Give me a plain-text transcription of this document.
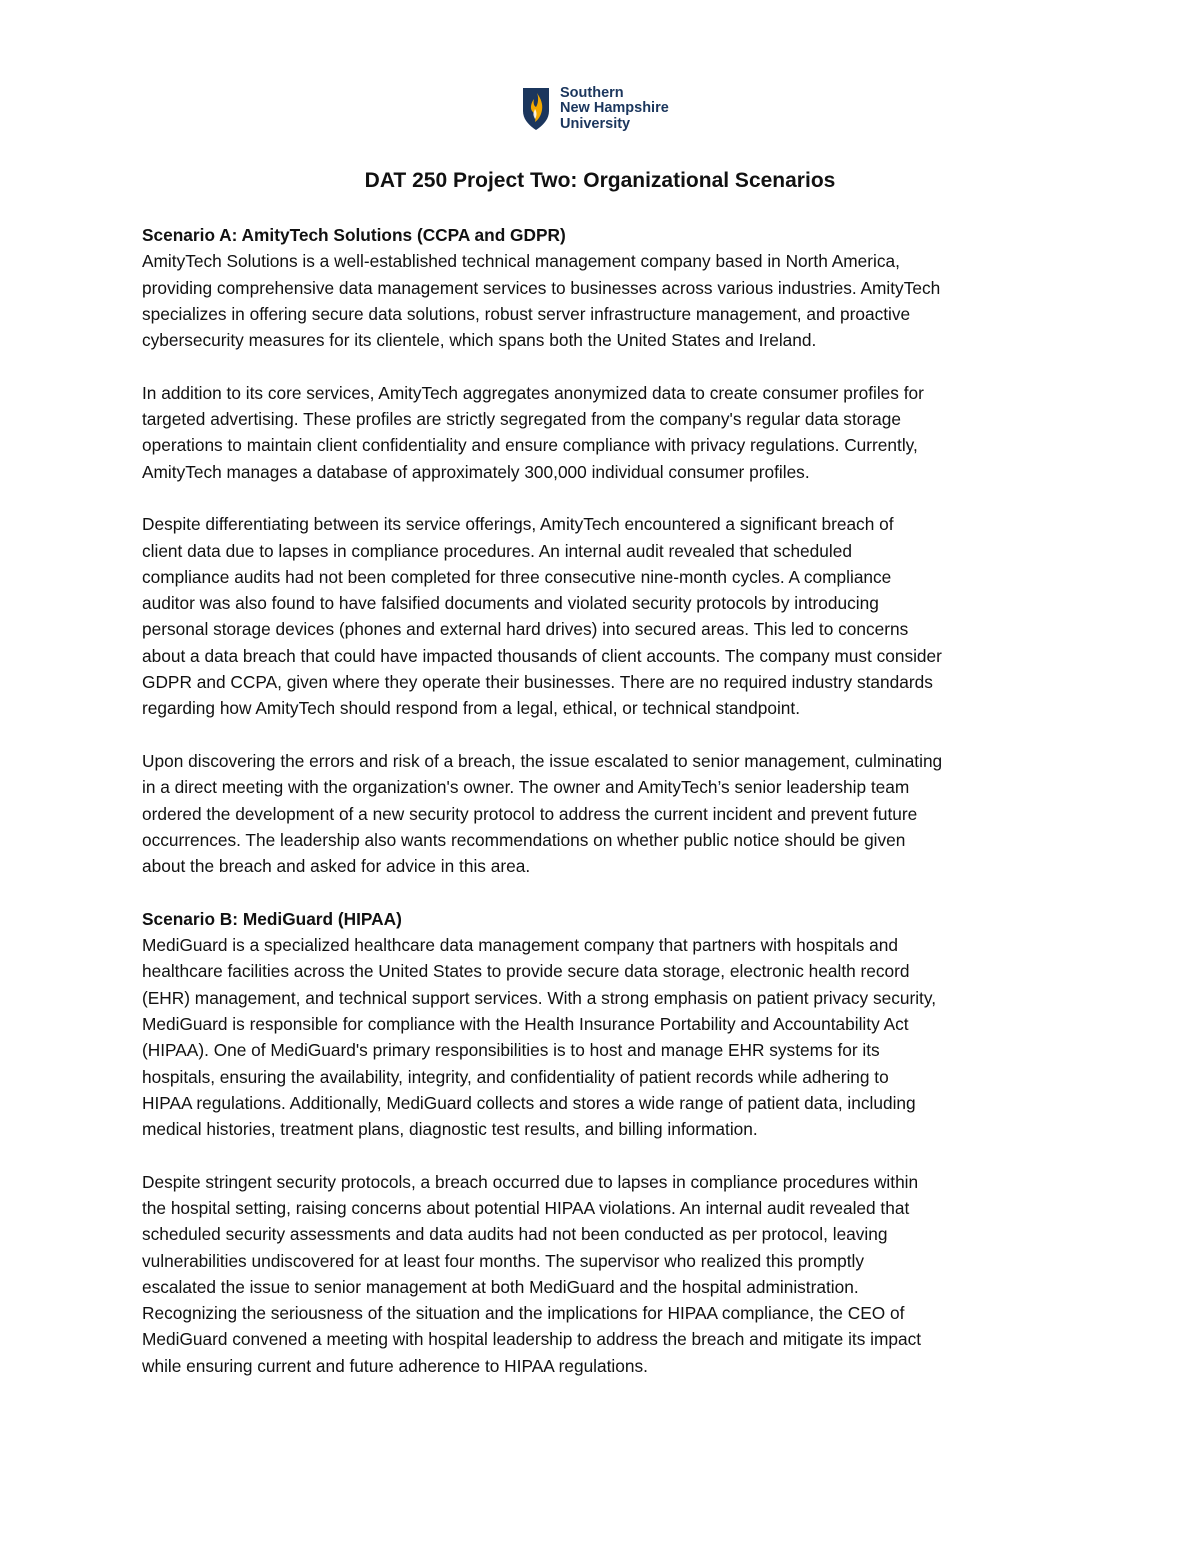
Southern
New Hampshire
University
DAT 250 Project Two: Organizational Scenarios
Scenario A: AmityTech Solutions (CCPA and GDPR)
AmityTech Solutions is a well-established technical management company based in North America,
providing comprehensive data management services to businesses across various industries. AmityTech
specializes in offering secure data solutions, robust server infrastructure management, and proactive
cybersecurity measures for its clientele, which spans both the United States and Ireland.
In addition to its core services, AmityTech aggregates anonymized data to create consumer profiles for
targeted advertising. These profiles are strictly segregated from the company's regular data storage
operations to maintain client confidentiality and ensure compliance with privacy regulations. Currently,
AmityTech manages a database of approximately 300,000 individual consumer profiles.
Despite differentiating between its service offerings, AmityTech encountered a significant breach of
client data due to lapses in compliance procedures. An internal audit revealed that scheduled
compliance audits had not been completed for three consecutive nine-month cycles. A compliance
auditor was also found to have falsified documents and violated security protocols by introducing
personal storage devices (phones and external hard drives) into secured areas. This led to concerns
about a data breach that could have impacted thousands of client accounts. The company must consider
GDPR and CCPA, given where they operate their businesses. There are no required industry standards
regarding how AmityTech should respond from a legal, ethical, or technical standpoint.
Upon discovering the errors and risk of a breach, the issue escalated to senior management, culminating
in a direct meeting with the organization's owner. The owner and AmityTech’s senior leadership team
ordered the development of a new security protocol to address the current incident and prevent future
occurrences. The leadership also wants recommendations on whether public notice should be given
about the breach and asked for advice in this area.
Scenario B: MediGuard (HIPAA)
MediGuard is a specialized healthcare data management company that partners with hospitals and
healthcare facilities across the United States to provide secure data storage, electronic health record
(EHR) management, and technical support services. With a strong emphasis on patient privacy security,
MediGuard is responsible for compliance with the Health Insurance Portability and Accountability Act
(HIPAA). One of MediGuard's primary responsibilities is to host and manage EHR systems for its
hospitals, ensuring the availability, integrity, and confidentiality of patient records while adhering to
HIPAA regulations. Additionally, MediGuard collects and stores a wide range of patient data, including
medical histories, treatment plans, diagnostic test results, and billing information.
Despite stringent security protocols, a breach occurred due to lapses in compliance procedures within
the hospital setting, raising concerns about potential HIPAA violations. An internal audit revealed that
scheduled security assessments and data audits had not been conducted as per protocol, leaving
vulnerabilities undiscovered for at least four months. The supervisor who realized this promptly
escalated the issue to senior management at both MediGuard and the hospital administration.
Recognizing the seriousness of the situation and the implications for HIPAA compliance, the CEO of
MediGuard convened a meeting with hospital leadership to address the breach and mitigate its impact
while ensuring current and future adherence to HIPAA regulations.
